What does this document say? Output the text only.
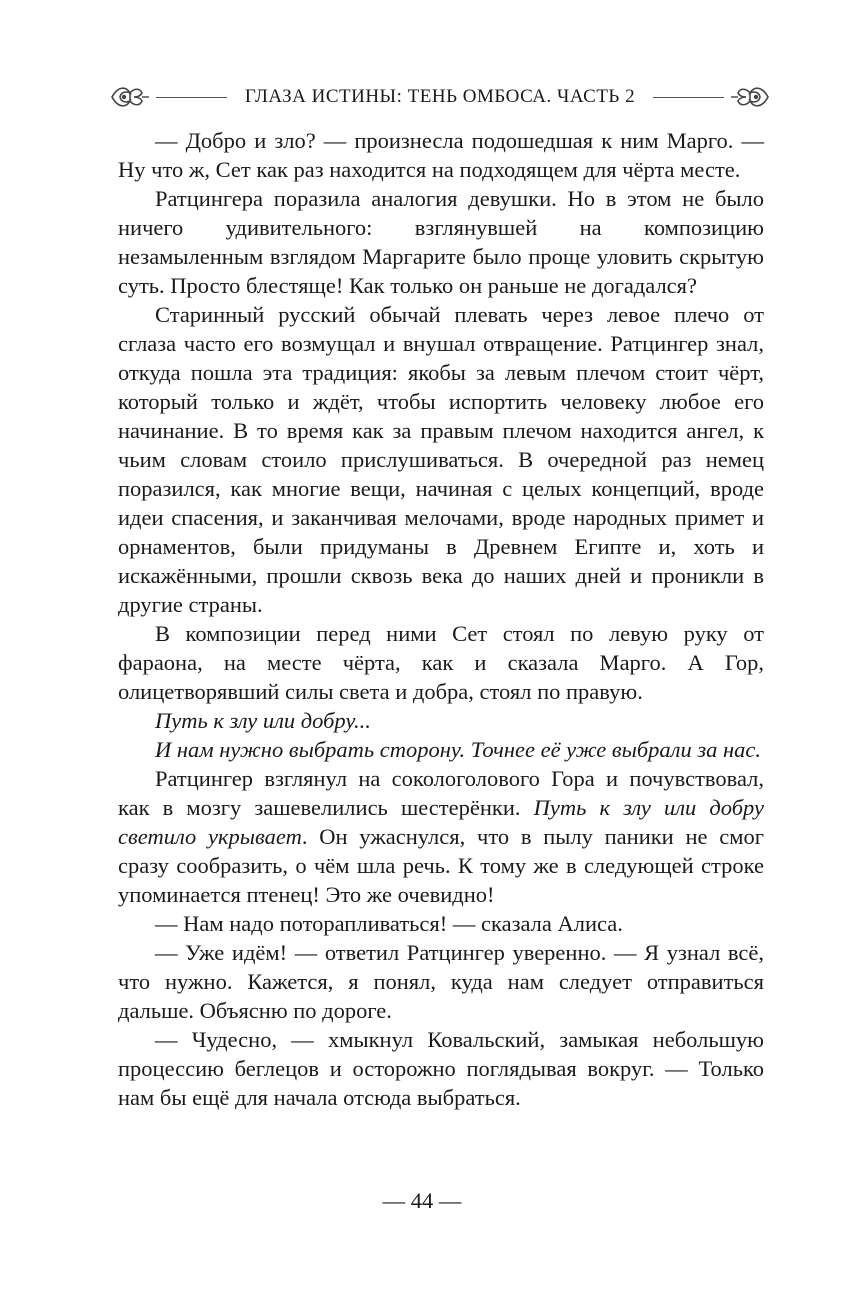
ГЛАЗА ИСТИНЫ: ТЕНЬ ОМБОСА. ЧАСТЬ 2

— Добро и зло? — произнесла подошедшая к ним Марго. — Ну что ж, Сет как раз находится на подходящем для чёрта месте.

Ратцингера поразила аналогия девушки. Но в этом не было ничего удивительного: взглянувшей на композицию незамыленным взглядом Маргарите было проще уловить скрытую суть. Просто блестяще! Как только он раньше не догадался?

Старинный русский обычай плевать через левое плечо от сглаза часто его возмущал и внушал отвращение. Ратцингер знал, откуда пошла эта традиция: якобы за левым плечом стоит чёрт, который только и ждёт, чтобы испортить человеку любое его начинание. В то время как за правым плечом находится ангел, к чьим словам стоило прислушиваться. В очередной раз немец поразился, как многие вещи, начиная с целых концепций, вроде идеи спасения, и заканчивая мелочами, вроде народных примет и орнаментов, были придуманы в Древнем Египте и, хоть и искажёнными, прошли сквозь века до наших дней и проникли в другие страны.

В композиции перед ними Сет стоял по левую руку от фараона, на месте чёрта, как и сказала Марго. А Гор, олицетворявший силы света и добра, стоял по правую.

Путь к злу или добру...

И нам нужно выбрать сторону. Точнее её уже выбрали за нас.

Ратцингер взглянул на сокологолового Гора и почувствовал, как в мозгу зашевелились шестерёнки. Путь к злу или добру светило укрывает. Он ужаснулся, что в пылу паники не смог сразу сообразить, о чём шла речь. К тому же в следующей строке упоминается птенец! Это же очевидно!

— Нам надо поторапливаться! — сказала Алиса.

— Уже идём! — ответил Ратцингер уверенно. — Я узнал всё, что нужно. Кажется, я понял, куда нам следует отправиться дальше. Объясню по дороге.

— Чудесно, — хмыкнул Ковальский, замыкая небольшую процессию беглецов и осторожно поглядывая вокруг. — Только нам бы ещё для начала отсюда выбраться.

— 44 —
